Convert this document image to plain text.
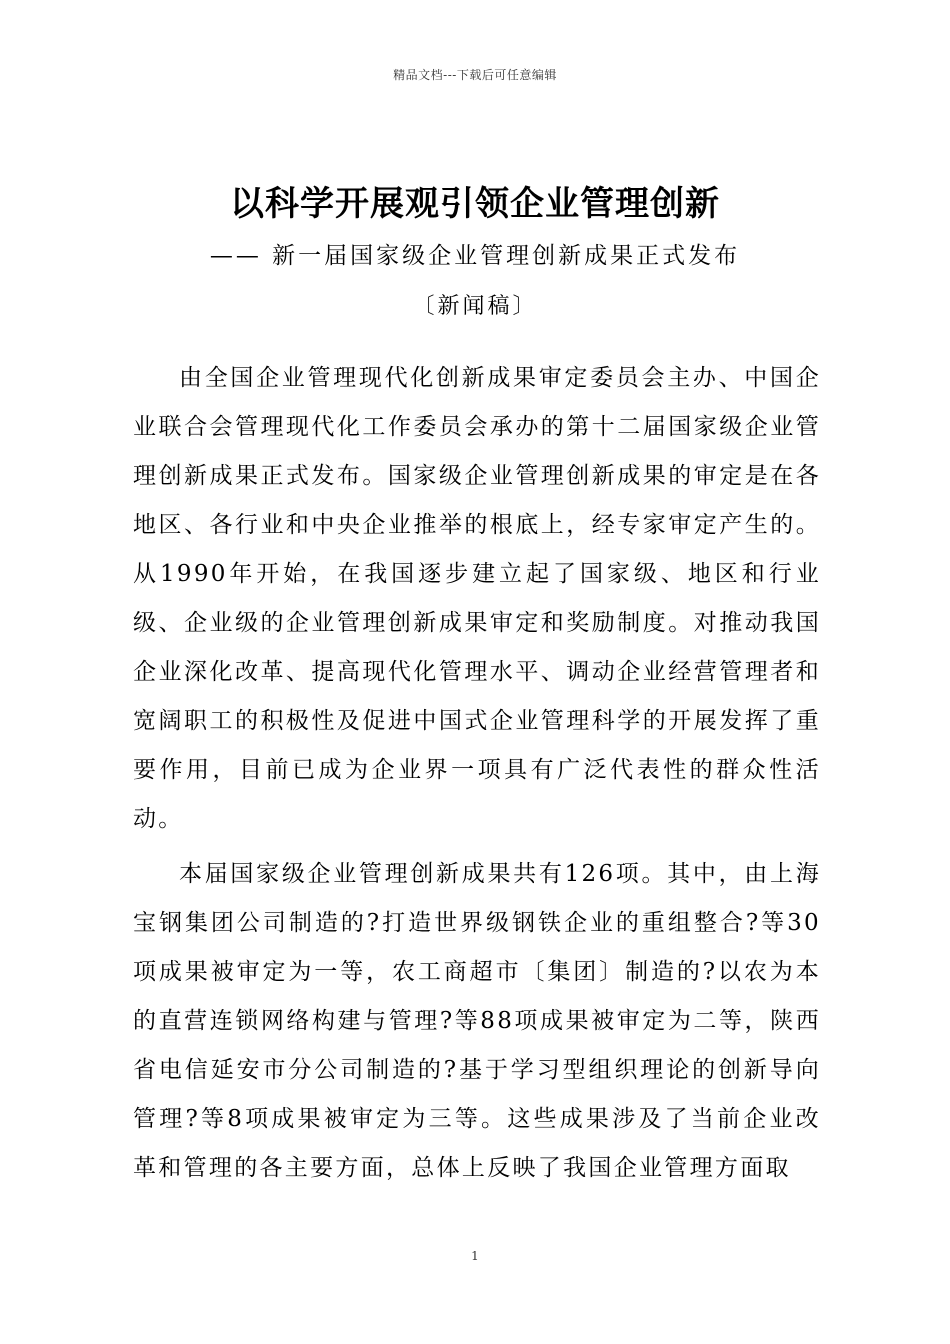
精品文档---下载后可任意编辑
以科学开展观引领企业管理创新
—— 新一届国家级企业管理创新成果正式发布
〔新闻稿〕

由全国企业管理现代化创新成果审定委员会主办、中国企业联合会管理现代化工作委员会承办的第十二届国家级企业管理创新成果正式发布。国家级企业管理创新成果的审定是在各地区、各行业和中央企业推举的根底上，经专家审定产生的。从1990年开始，在我国逐步建立起了国家级、地区和行业级、企业级的企业管理创新成果审定和奖励制度。对推动我国企业深化改革、提高现代化管理水平、调动企业经营管理者和宽阔职工的积极性及促进中国式企业管理科学的开展发挥了重要作用，目前已成为企业界一项具有广泛代表性的群众性活动。

本届国家级企业管理创新成果共有126项。其中，由上海宝钢集团公司制造的?打造世界级钢铁企业的重组整合?等30项成果被审定为一等，农工商超市〔集团〕制造的?以农为本的直营连锁网络构建与管理?等88项成果被审定为二等，陕西省电信延安市分公司制造的?基于学习型组织理论的创新导向管理?等8项成果被审定为三等。这些成果涉及了当前企业改革和管理的各主要方面，总体上反映了我国企业管理方面取

1
